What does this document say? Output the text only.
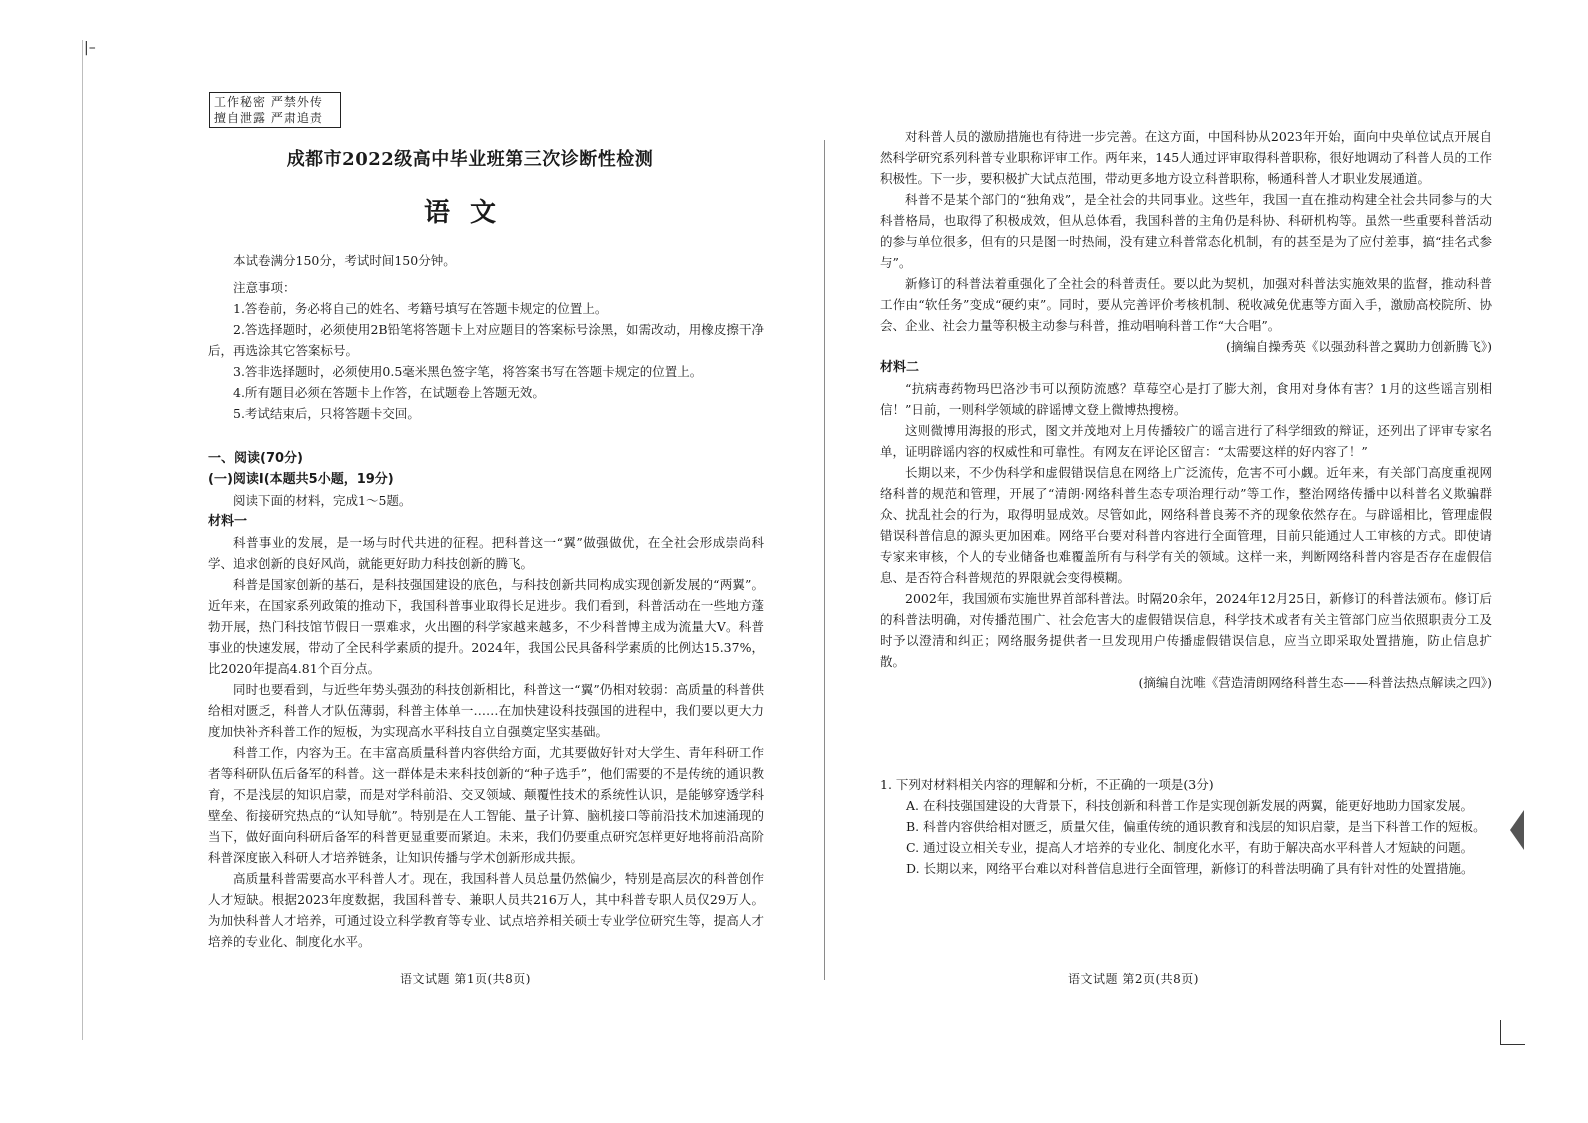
|–
工作秘密 严禁外传
擅自泄露 严肃追责
成都市2022级高中毕业班第三次诊断性检测
语文

本试卷满分150分，考试时间150分钟。

注意事项：

1.答卷前，务必将自己的姓名、考籍号填写在答题卡规定的位置上。

2.答选择题时，必须使用2B铅笔将答题卡上对应题目的答案标号涂黑，如需改动，用橡皮擦干净后，再选涂其它答案标号。

3.答非选择题时，必须使用0.5毫米黑色签字笔，将答案书写在答题卡规定的位置上。

4.所有题目必须在答题卡上作答，在试题卷上答题无效。

5.考试结束后，只将答题卡交回。

一、阅读(70分)

(一)阅读Ⅰ(本题共5小题，19分)

阅读下面的材料，完成1～5题。

材料一

科普事业的发展，是一场与时代共进的征程。把科普这一“翼”做强做优，在全社会形成崇尚科学、追求创新的良好风尚，就能更好助力科技创新的腾飞。

科普是国家创新的基石，是科技强国建设的底色，与科技创新共同构成实现创新发展的“两翼”。近年来，在国家系列政策的推动下，我国科普事业取得长足进步。我们看到，科普活动在一些地方蓬勃开展，热门科技馆节假日一票难求，火出圈的科学家越来越多，不少科普博主成为流量大V。科普事业的快速发展，带动了全民科学素质的提升。2024年，我国公民具备科学素质的比例达15.37%，比2020年提高4.81个百分点。

同时也要看到，与近些年势头强劲的科技创新相比，科普这一“翼”仍相对较弱：高质量的科普供给相对匮乏，科普人才队伍薄弱，科普主体单一……在加快建设科技强国的进程中，我们要以更大力度加快补齐科普工作的短板，为实现高水平科技自立自强奠定坚实基础。

科普工作，内容为王。在丰富高质量科普内容供给方面，尤其要做好针对大学生、青年科研工作者等科研队伍后备军的科普。这一群体是未来科技创新的“种子选手”，他们需要的不是传统的通识教育，不是浅层的知识启蒙，而是对学科前沿、交叉领域、颠覆性技术的系统性认识，是能够穿透学科壁垒、衔接研究热点的“认知导航”。特别是在人工智能、量子计算、脑机接口等前沿技术加速涌现的当下，做好面向科研后备军的科普更显重要而紧迫。未来，我们仍要重点研究怎样更好地将前沿高阶科普深度嵌入科研人才培养链条，让知识传播与学术创新形成共振。

高质量科普需要高水平科普人才。现在，我国科普人员总量仍然偏少，特别是高层次的科普创作人才短缺。根据2023年度数据，我国科普专、兼职人员共216万人，其中科普专职人员仅29万人。为加快科普人才培养，可通过设立科学教育等专业、试点培养相关硕士专业学位研究生等，提高人才培养的专业化、制度化水平。

语文试题 第1页(共8页)

对科普人员的激励措施也有待进一步完善。在这方面，中国科协从2023年开始，面向中央单位试点开展自然科学研究系列科普专业职称评审工作。两年来，145人通过评审取得科普职称，很好地调动了科普人员的工作积极性。下一步，要积极扩大试点范围，带动更多地方设立科普职称，畅通科普人才职业发展通道。

科普不是某个部门的“独角戏”，是全社会的共同事业。这些年，我国一直在推动构建全社会共同参与的大科普格局，也取得了积极成效，但从总体看，我国科普的主角仍是科协、科研机构等。虽然一些重要科普活动的参与单位很多，但有的只是图一时热闹，没有建立科普常态化机制，有的甚至是为了应付差事，搞“挂名式参与”。

新修订的科普法着重强化了全社会的科普责任。要以此为契机，加强对科普法实施效果的监督，推动科普工作由“软任务”变成“硬约束”。同时，要从完善评价考核机制、税收减免优惠等方面入手，激励高校院所、协会、企业、社会力量等积极主动参与科普，推动唱响科普工作“大合唱”。

(摘编自操秀英《以强劲科普之翼助力创新腾飞》)

材料二

“抗病毒药物玛巴洛沙韦可以预防流感？草莓空心是打了膨大剂，食用对身体有害？1月的这些谣言别相信！”日前，一则科学领域的辟谣博文登上微博热搜榜。

这则微博用海报的形式，图文并茂地对上月传播较广的谣言进行了科学细致的辩证，还列出了评审专家名单，证明辟谣内容的权威性和可靠性。有网友在评论区留言：“太需要这样的好内容了！”

长期以来，不少伪科学和虚假错误信息在网络上广泛流传，危害不可小觑。近年来，有关部门高度重视网络科普的规范和管理，开展了“清朗·网络科普生态专项治理行动”等工作，整治网络传播中以科普名义欺骗群众、扰乱社会的行为，取得明显成效。尽管如此，网络科普良莠不齐的现象依然存在。与辟谣相比，管理虚假错误科普信息的源头更加困难。网络平台要对科普内容进行全面管理，目前只能通过人工审核的方式。即使请专家来审核，个人的专业储备也难覆盖所有与科学有关的领域。这样一来，判断网络科普内容是否存在虚假信息、是否符合科普规范的界限就会变得模糊。

2002年，我国颁布实施世界首部科普法。时隔20余年，2024年12月25日，新修订的科普法颁布。修订后的科普法明确，对传播范围广、社会危害大的虚假错误信息，科学技术或者有关主管部门应当依照职责分工及时予以澄清和纠正；网络服务提供者一旦发现用户传播虚假错误信息，应当立即采取处置措施，防止信息扩散。

(摘编自沈唯《营造清朗网络科普生态——科普法热点解读之四》)

1. 下列对材料相关内容的理解和分析，不正确的一项是(3分)

A. 在科技强国建设的大背景下，科技创新和科普工作是实现创新发展的两翼，能更好地助力国家发展。

B. 科普内容供给相对匮乏，质量欠佳，偏重传统的通识教育和浅层的知识启蒙，是当下科普工作的短板。

C. 通过设立相关专业，提高人才培养的专业化、制度化水平，有助于解决高水平科普人才短缺的问题。

D. 长期以来，网络平台难以对科普信息进行全面管理，新修订的科普法明确了具有针对性的处置措施。

语文试题 第2页(共8页)
